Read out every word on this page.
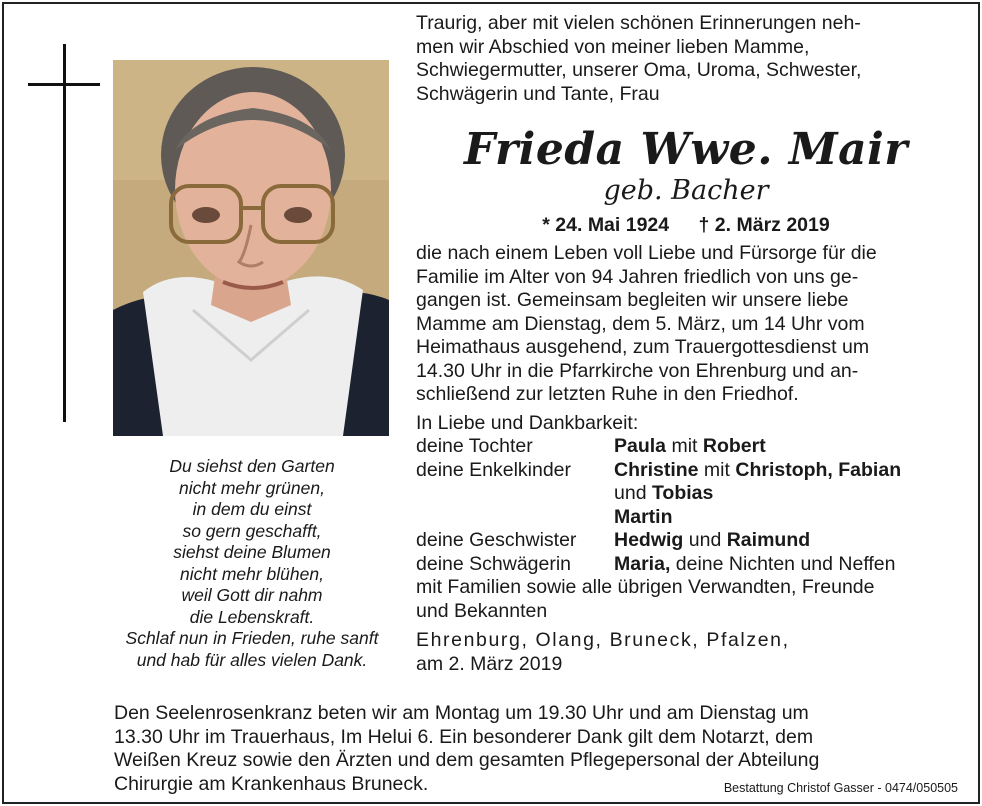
Du siehst den Garten
nicht mehr grünen,
in dem du einst
so gern geschafft,
siehst deine Blumen
nicht mehr blühen,
weil Gott dir nahm
die Lebenskraft.
Schlaf nun in Frieden, ruhe sanft
und hab für alles vielen Dank.
Traurig, aber mit vielen schönen Erinnerungen neh-
men wir Abschied von meiner lieben Mamme,
Schwiegermutter, unserer Oma, Uroma, Schwester,
Schwägerin und Tante, Frau
Frieda Wwe. Mair
geb. Bacher
* 24. Mai 1924 † 2. März 2019
die nach einem Leben voll Liebe und Fürsorge für die
Familie im Alter von 94 Jahren friedlich von uns ge-
gangen ist. Gemeinsam begleiten wir unsere liebe
Mamme am Dienstag, dem 5. März, um 14 Uhr vom
Heimathaus ausgehend, zum Trauergottesdienst um
14.30 Uhr in die Pfarrkirche von Ehrenburg und an-
schließend zur letzten Ruhe in den Friedhof.
In Liebe und Dankbarkeit:
deine Tochter	Paula mit Robert
deine Enkelkinder	Christine mit Christoph, Fabian
und Tobias
Martin
deine Geschwister	Hedwig und Raimund
deine Schwägerin	Maria, deine Nichten und Neffen
mit Familien sowie alle übrigen Verwandten, Freunde
und Bekannten
Ehrenburg, Olang, Bruneck, Pfalzen,
am 2. März 2019
Den Seelenrosenkranz beten wir am Montag um 19.30 Uhr und am Dienstag um
13.30 Uhr im Trauerhaus, Im Helui 6. Ein besonderer Dank gilt dem Notarzt, dem
Weißen Kreuz sowie den Ärzten und dem gesamten Pflegepersonal der Abteilung
Chirurgie am Krankenhaus Bruneck.	Bestattung Christof Gasser - 0474/050505
